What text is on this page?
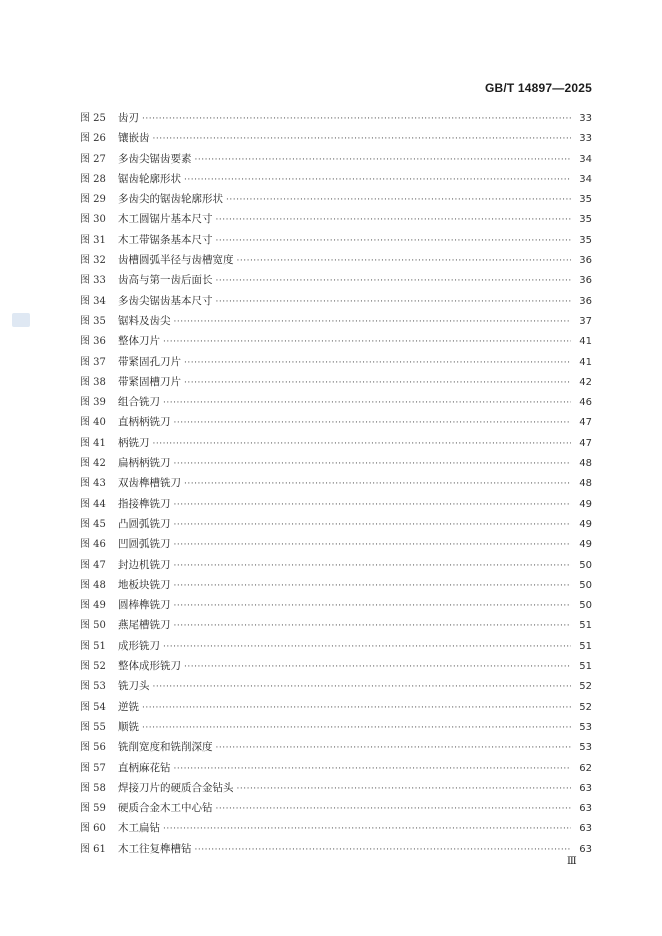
GB/T 14897—2025
图 25	齿刃 ·····	33
图 26	镶嵌齿 ·····	33
图 27	多齿尖锯齿要素 ·····	34
图 28	锯齿轮廓形状 ·····	34
图 29	多齿尖的锯齿轮廓形状 ·····	35
图 30	木工圆锯片基本尺寸 ·····	35
图 31	木工带锯条基本尺寸 ·····	35
图 32	齿槽圆弧半径与齿槽宽度 ·····	36
图 33	齿高与第一齿后面长 ·····	36
图 34	多齿尖锯齿基本尺寸 ·····	36
图 35	锯料及齿尖 ·····	37
图 36	整体刀片 ·····	41
图 37	带紧固孔刀片 ·····	41
图 38	带紧固槽刀片 ·····	42
图 39	组合铣刀 ·····	46
图 40	直柄柄铣刀 ·····	47
图 41	柄铣刀 ·····	47
图 42	扁柄柄铣刀 ·····	48
图 43	双齿榫槽铣刀 ·····	48
图 44	指接榫铣刀 ·····	49
图 45	凸圆弧铣刀 ·····	49
图 46	凹圆弧铣刀 ·····	49
图 47	封边机铣刀 ·····	50
图 48	地板块铣刀 ·····	50
图 49	圆棒榫铣刀 ·····	50
图 50	燕尾槽铣刀 ·····	51
图 51	成形铣刀 ·····	51
图 52	整体成形铣刀 ·····	51
图 53	铣刀头 ·····	52
图 54	逆铣 ·····	52
图 55	顺铣 ·····	53
图 56	铣削宽度和铣削深度 ·····	53
图 57	直柄麻花钻 ·····	62
图 58	焊接刀片的硬质合金钻头 ·····	63
图 59	硬质合金木工中心钻 ·····	63
图 60	木工扁钻 ·····	63
图 61	木工往复榫槽钻 ·····	63
Ⅲ
